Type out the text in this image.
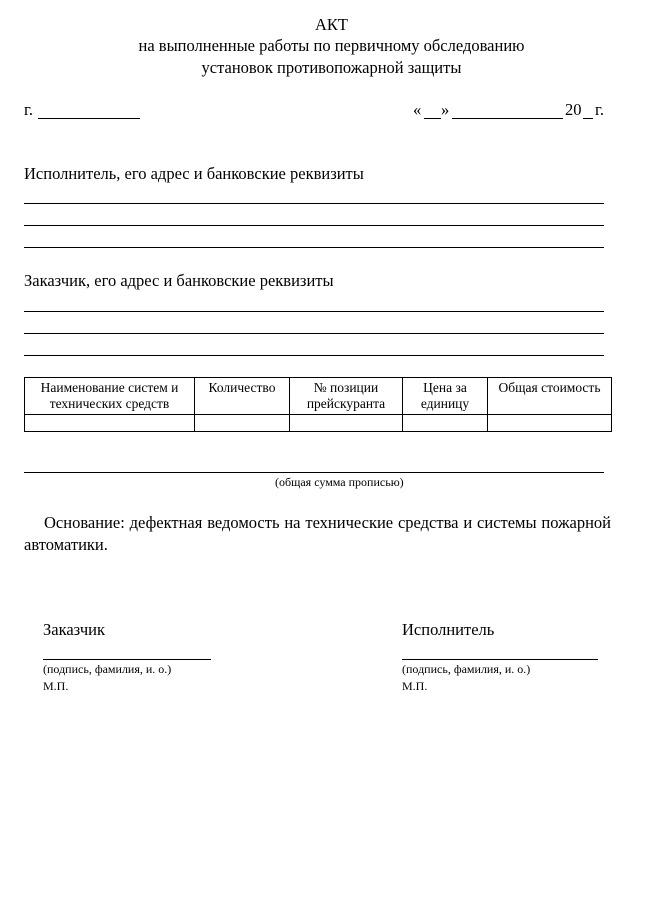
АКТ
на выполненные работы по первичному обследованию
установок противопожарной защиты
г.	« »	20 г.
Исполнитель, его адрес и банковские реквизиты
Заказчик, его адрес и банковские реквизиты
Наименование систем и технических средств	Количество	№ позиции прейскуранта	Цена за единицу	Общая стоимость

(общая сумма прописью)
Основание: дефектная ведомость на технические средства и системы пожарной автоматики.
Заказчик
(подпись, фамилия, и. о.)
М.П.
Исполнитель
(подпись, фамилия, и. о.)
М.П.
